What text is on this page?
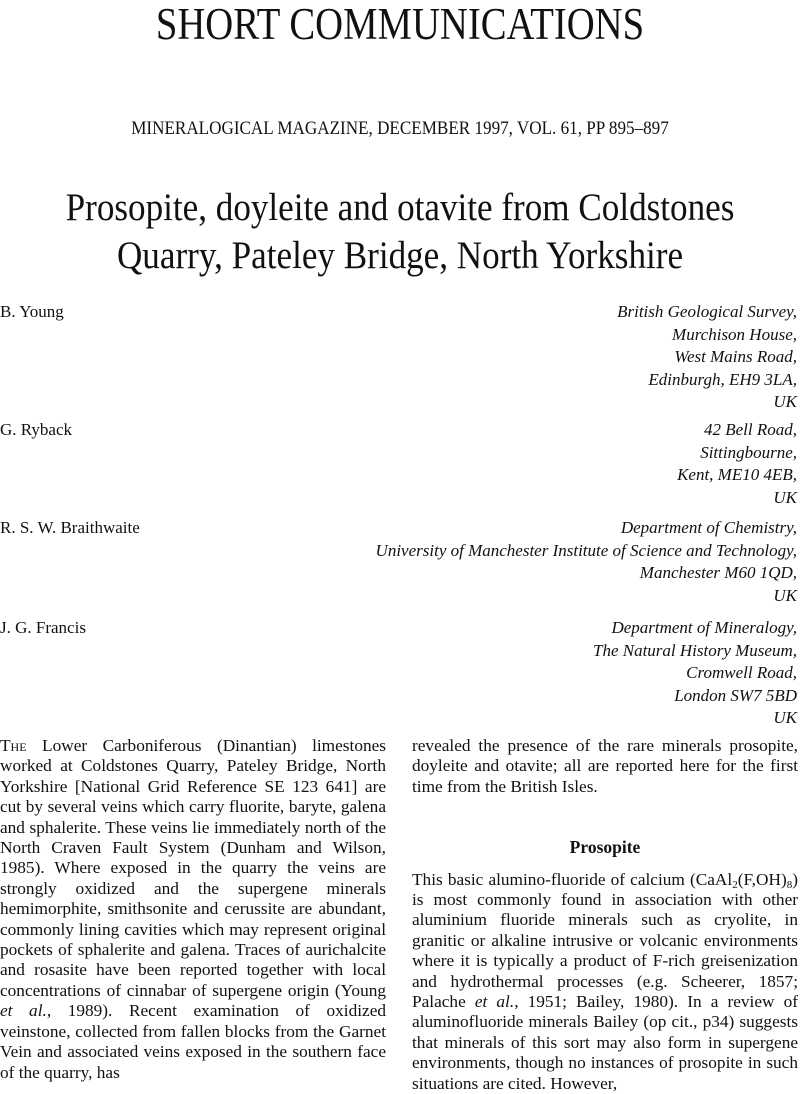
SHORT COMMUNICATIONS
MINERALOGICAL MAGAZINE, DECEMBER 1997, VOL. 61, PP 895–897
Prosopite, doyleite and otavite from Coldstones
Quarry, Pateley Bridge, North Yorkshire
B. Young	British Geological Survey,
Murchison House,
West Mains Road,
Edinburgh, EH9 3LA,
UK
G. Ryback	42 Bell Road,
Sittingbourne,
Kent, ME10 4EB,
UK
R. S. W. Braithwaite	Department of Chemistry,
University of Manchester Institute of Science and Technology,
Manchester M60 1QD,
UK
J. G. Francis	Department of Mineralogy,
The Natural History Museum,
Cromwell Road,
London SW7 5BD
UK

The Lower Carboniferous (Dinantian) limestones worked at Coldstones Quarry, Pateley Bridge, North Yorkshire [National Grid Reference SE 123 641] are cut by several veins which carry fluorite, baryte, galena and sphalerite. These veins lie immediately north of the North Craven Fault System (Dunham and Wilson, 1985). Where exposed in the quarry the veins are strongly oxidized and the supergene minerals hemimorphite, smithsonite and cerussite are abundant, commonly lining cavities which may represent original pockets of sphalerite and galena. Traces of aurichalcite and rosasite have been reported together with local concentrations of cinnabar of supergene origin (Young et al., 1989). Recent examination of oxidized veinstone, collected from fallen blocks from the Garnet Vein and associated veins exposed in the southern face of the quarry, has

revealed the presence of the rare minerals prosopite, doyleite and otavite; all are reported here for the first time from the British Isles.

Prosopite

This basic alumino-fluoride of calcium $(CaAl_2(F,OH)_8)$ is most commonly found in association with other aluminium fluoride minerals such as cryolite, in granitic or alkaline intrusive or volcanic environments where it is typically a product of F-rich greisenization and hydrothermal processes (e.g. Scheerer, 1857; Palache et al., 1951; Bailey, 1980). In a review of aluminofluoride minerals Bailey (op cit., p34) suggests that minerals of this sort may also form in supergene environments, though no instances of prosopite in such situations are cited. However,
